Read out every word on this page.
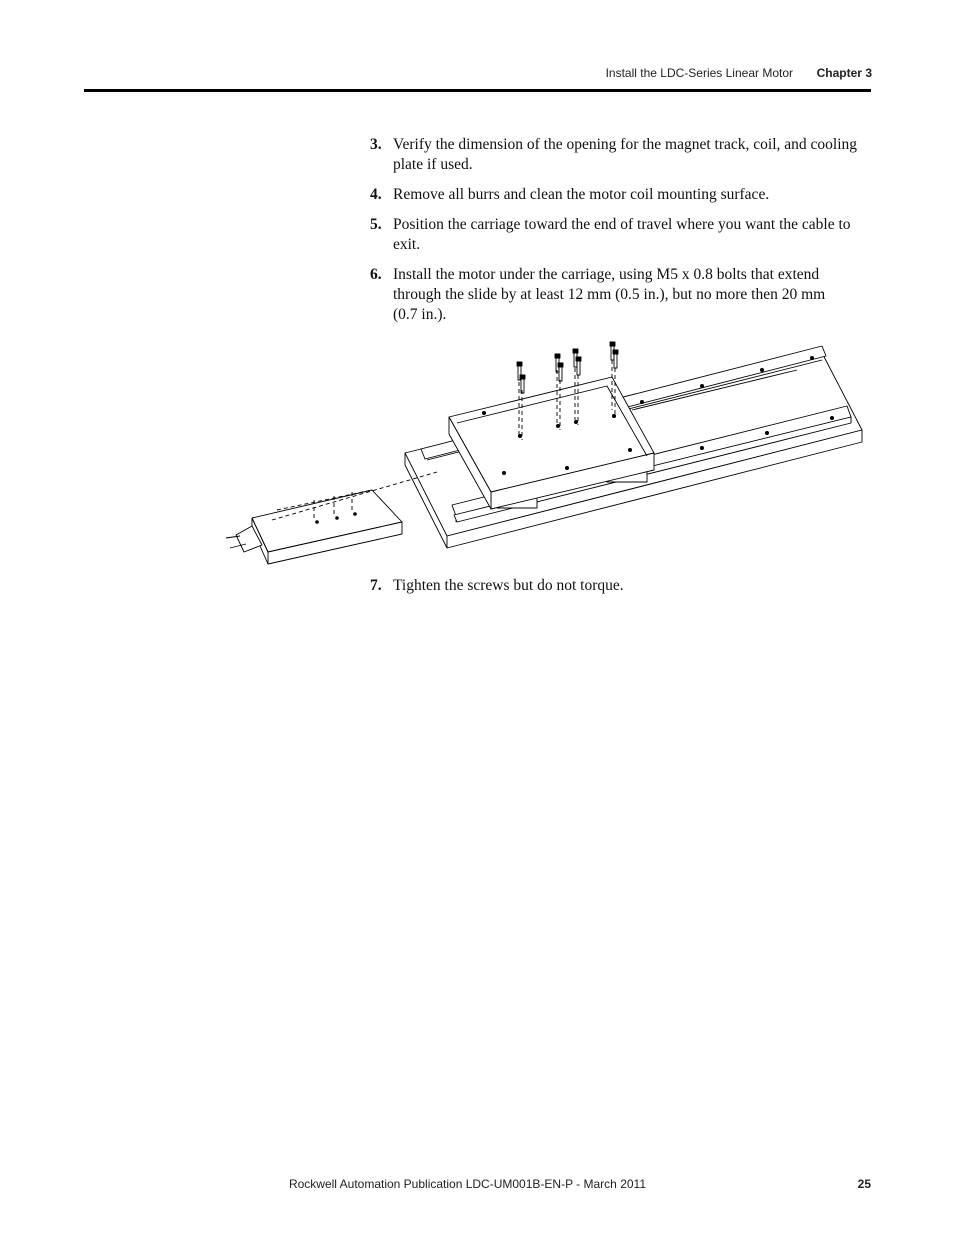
Install the LDC-Series Linear Motor Chapter 3
3. Verify the dimension of the opening for the magnet track, coil, and cooling plate if used.
4. Remove all burrs and clean the motor coil mounting surface.
5. Position the carriage toward the end of travel where you want the cable to exit.
6. Install the motor under the carriage, using M5 x 0.8 bolts that extend through the slide by at least 12 mm (0.5 in.), but no more then 20 mm (0.7 in.).
7. Tighten the screws but do not torque.
Rockwell Automation Publication LDC-UM001B-EN-P - March 2011	25
